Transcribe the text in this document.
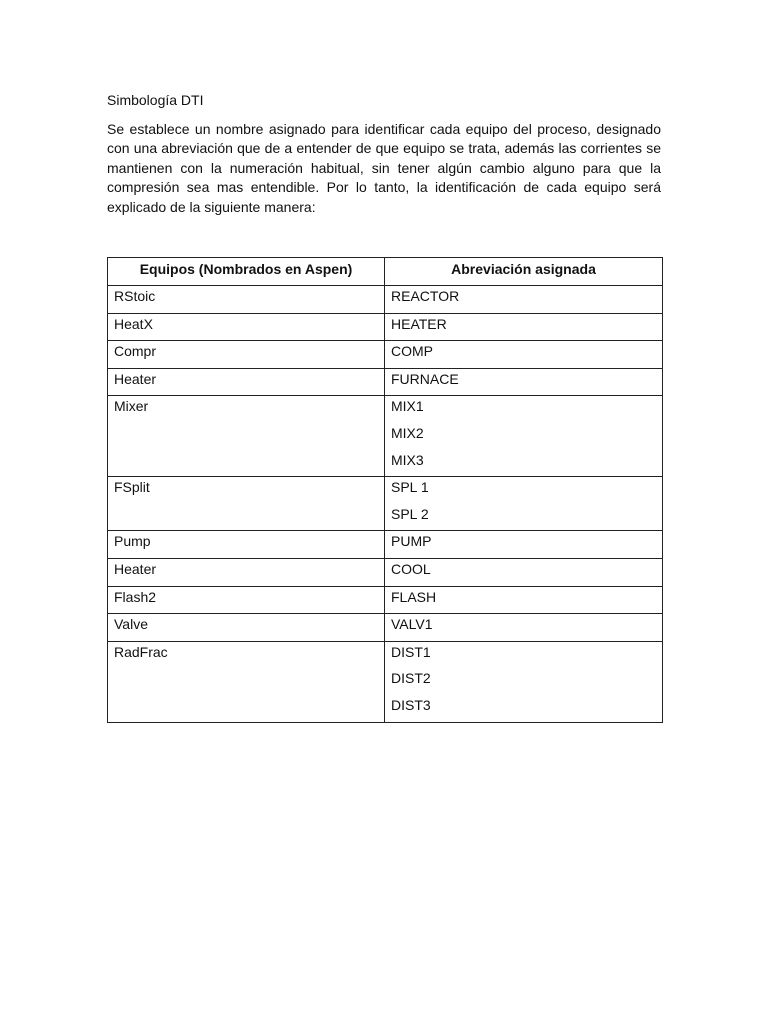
Simbología DTI

Se establece un nombre asignado para identificar cada equipo del proceso, designado con una abreviación que de a entender de que equipo se trata, además las corrientes se mantienen con la numeración habitual, sin tener algún cambio alguno para que la compresión sea mas entendible. Por lo tanto, la identificación de cada equipo será explicado de la siguiente manera:

Equipos (Nombrados en Aspen)	Abreviación asignada

RStoic	REACTOR

HeatX	HEATER

Compr	COMP

Heater	FURNACE

Mixer	MIX1
MIX2
MIX3

FSplit	SPL 1
SPL 2

Pump	PUMP

Heater	COOL

Flash2	FLASH

Valve	VALV1

RadFrac	DIST1
DIST2
DIST3
